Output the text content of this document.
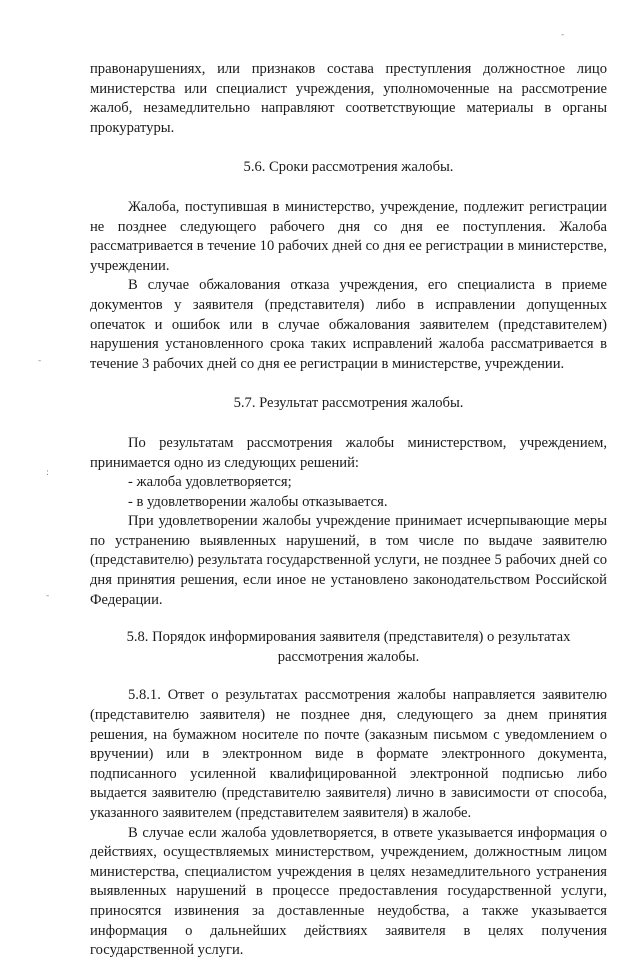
-
-
:
-

правонарушениях, или признаков состава преступления должностное лицо министерства или специалист учреждения, уполномоченные на рассмотрение жалоб, незамедлительно направляют соответствующие материалы в органы прокуратуры.

5.6. Сроки рассмотрения жалобы.

Жалоба, поступившая в министерство, учреждение, подлежит регистрации не позднее следующего рабочего дня со дня ее поступления. Жалоба рассматривается в течение 10 рабочих дней со дня ее регистрации в министерстве, учреждении.

В случае обжалования отказа учреждения, его специалиста в приеме документов у заявителя (представителя) либо в исправлении допущенных опечаток и ошибок или в случае обжалования заявителем (представителем) нарушения установленного срока таких исправлений жалоба рассматривается в течение 3 рабочих дней со дня ее регистрации в министерстве, учреждении.

5.7. Результат рассмотрения жалобы.

По результатам рассмотрения жалобы министерством, учреждением, принимается одно из следующих решений:

- жалоба удовлетворяется;

- в удовлетворении жалобы отказывается.

При удовлетворении жалобы учреждение принимает исчерпывающие меры по устранению выявленных нарушений, в том числе по выдаче заявителю (представителю) результата государственной услуги, не позднее 5 рабочих дней со дня принятия решения, если иное не установлено законодательством Российской Федерации.

5.8. Порядок информирования заявителя (представителя) о результатах

рассмотрения жалобы.

5.8.1. Ответ о результатах рассмотрения жалобы направляется заявителю (представителю заявителя) не позднее дня, следующего за днем принятия решения, на бумажном носителе по почте (заказным письмом с уведомлением о вручении) или в электронном виде в формате электронного документа, подписанного усиленной квалифицированной электронной подписью либо выдается заявителю (представителю заявителя) лично в зависимости от способа, указанного заявителем (представителем заявителя) в жалобе.

В случае если жалоба удовлетворяется, в ответе указывается информация о действиях, осуществляемых министерством, учреждением, должностным лицом министерства, специалистом учреждения в целях незамедлительного устранения выявленных нарушений в процессе предоставления государственной услуги, приносятся извинения за доставленные неудобства, а также указывается информация о дальнейших действиях заявителя в целях получения государственной услуги.
